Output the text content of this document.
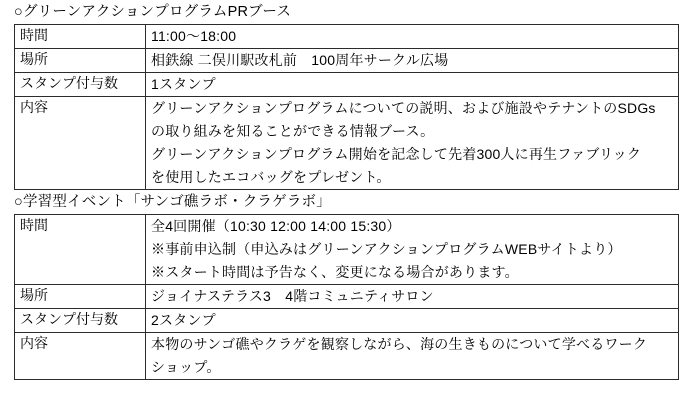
○グリーンアクションプログラムPRブース
時間	11:00～18:00

場所	相鉄線 二俣川駅改札前　100周年サークル広場

スタンプ付与数	1スタンプ

内容	グリーンアクションプログラムについての説明、および施設やテナントのSDGs
の取り組みを知ることができる情報ブース。
グリーンアクションプログラム開始を記念して先着300人に再生ファブリック
を使用したエコバッグをプレゼント。
○学習型イベント「サンゴ礁ラボ・クラゲラボ」
時間	全4回開催（10:30 12:00 14:00 15:30）
※事前申込制（申込みはグリーンアクションプログラムWEBサイトより）
※スタート時間は予告なく、変更になる場合があります。

場所	ジョイナステラス3　4階コミュニティサロン

スタンプ付与数	2スタンプ

内容	本物のサンゴ礁やクラゲを観察しながら、海の生きものについて学べるワーク
ショップ。
